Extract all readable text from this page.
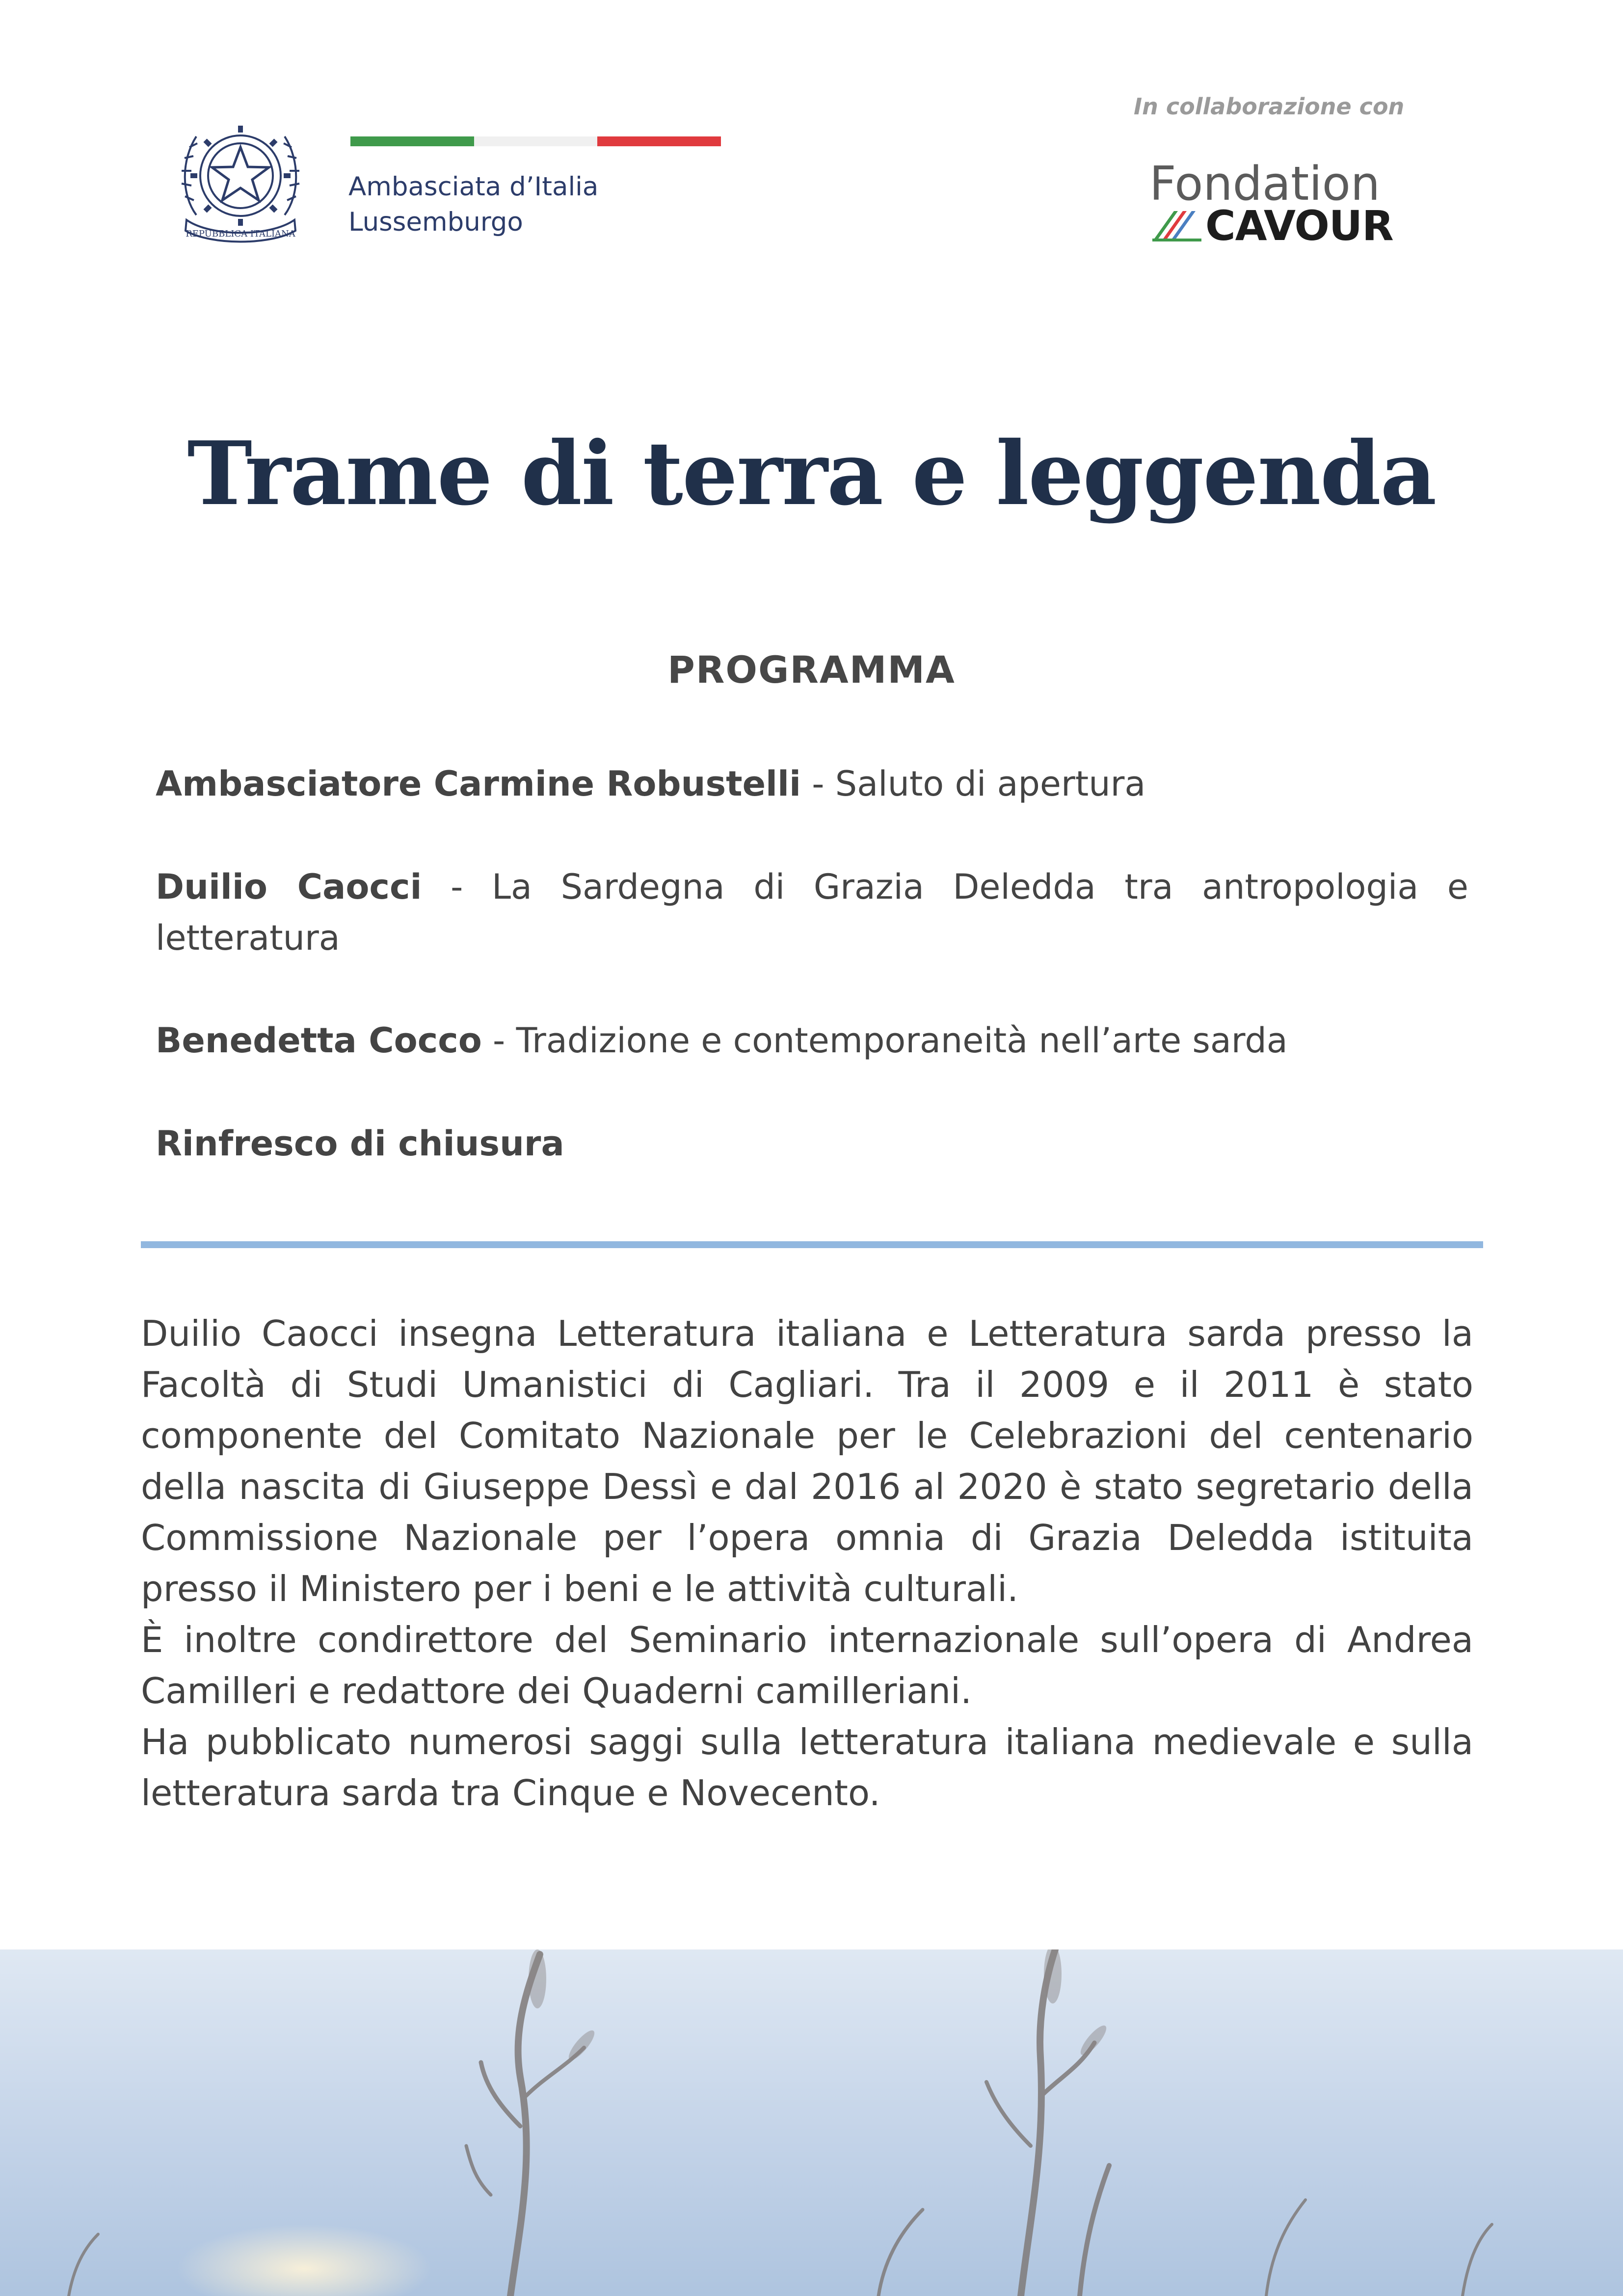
REPUBBLICA ITALIANA
Ambasciata d’Italia
Lussemburgo
In collaborazione con
Fondation
CAVOUR
Trame di terra e leggenda
PROGRAMMA
Ambasciatore Carmine Robustelli - Saluto di apertura
Duilio Caocci - La Sardegna di Grazia Deledda tra antropologia e letteratura
Benedetta Cocco - Tradizione e contemporaneità nell’arte sarda
Rinfresco di chiusura
Duilio Caocci insegna Letteratura italiana e Letteratura sarda presso la
Facoltà di Studi Umanistici di Cagliari. Tra il 2009 e il 2011 è stato
componente del Comitato Nazionale per le Celebrazioni del centenario
della nascita di Giuseppe Dessì e dal 2016 al 2020 è stato segretario della
Commissione Nazionale per l’opera omnia di Grazia Deledda istituita
presso il Ministero per i beni e le attività culturali.
È inoltre condirettore del Seminario internazionale sull’opera di Andrea
Camilleri e redattore dei Quaderni camilleriani.
Ha pubblicato numerosi saggi sulla letteratura italiana medievale e sulla
letteratura sarda tra Cinque e Novecento.
